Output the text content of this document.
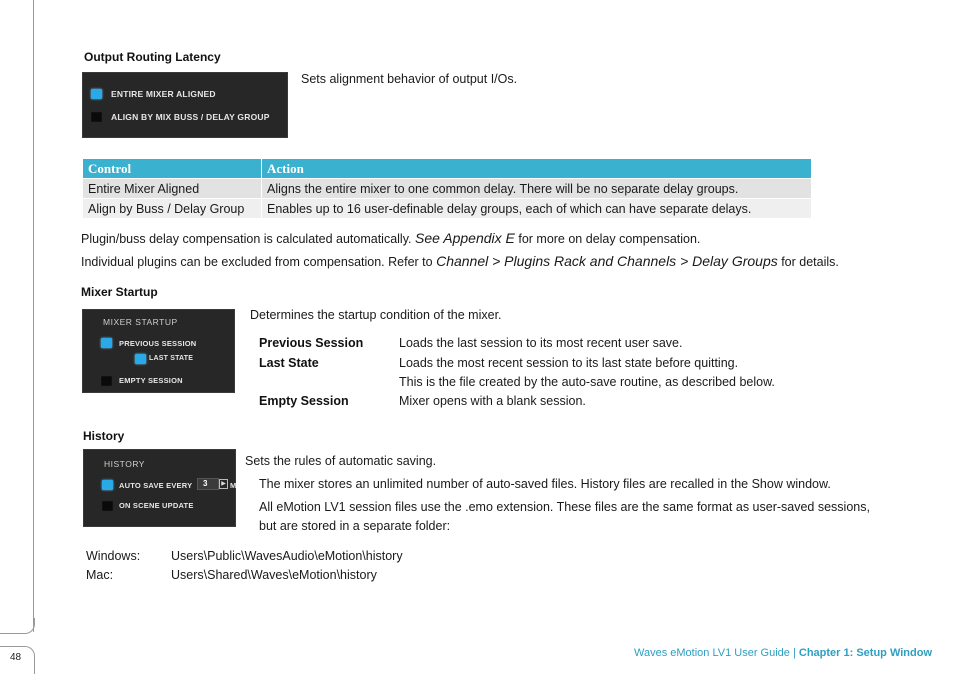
48
Output Routing Latency
ENTIRE MIXER ALIGNED
ALIGN BY MIX BUSS / DELAY GROUP
Sets alignment behavior of output I/Os.
Control	Action
Entire Mixer Aligned	Aligns the entire mixer to one common delay. There will be no separate delay groups.
Align by Buss / Delay Group	Enables up to 16 user-definable delay groups, each of which can have separate delays.
Plugin/buss delay compensation is calculated automatically. See Appendix E for more on delay compensation.
Individual plugins can be excluded from compensation. Refer to Channel > Plugins Rack and Channels > Delay Groups for details.
Mixer Startup
MIXER STARTUP
PREVIOUS SESSION
LAST STATE
EMPTY SESSION
Determines the startup condition of the mixer.
Previous Session	Loads the last session to its most recent user save.
Last State	Loads the most recent session to its last state before quitting.
This is the file created by the auto-save routine, as described below.
Empty Session	Mixer opens with a blank session.
History
HISTORY
AUTO SAVE EVERY	3	▶ M
ON SCENE UPDATE
Sets the rules of automatic saving.
The mixer stores an unlimited number of auto-saved files. History files are recalled in the Show window.
All eMotion LV1 session files use the .emo extension. These files are the same format as user-saved sessions,
but are stored in a separate folder:
Windows: Users\Public\WavesAudio\eMotion\history
Mac:	Users\Shared\Waves\eMotion\history
Waves eMotion LV1 User Guide | Chapter 1: Setup Window
